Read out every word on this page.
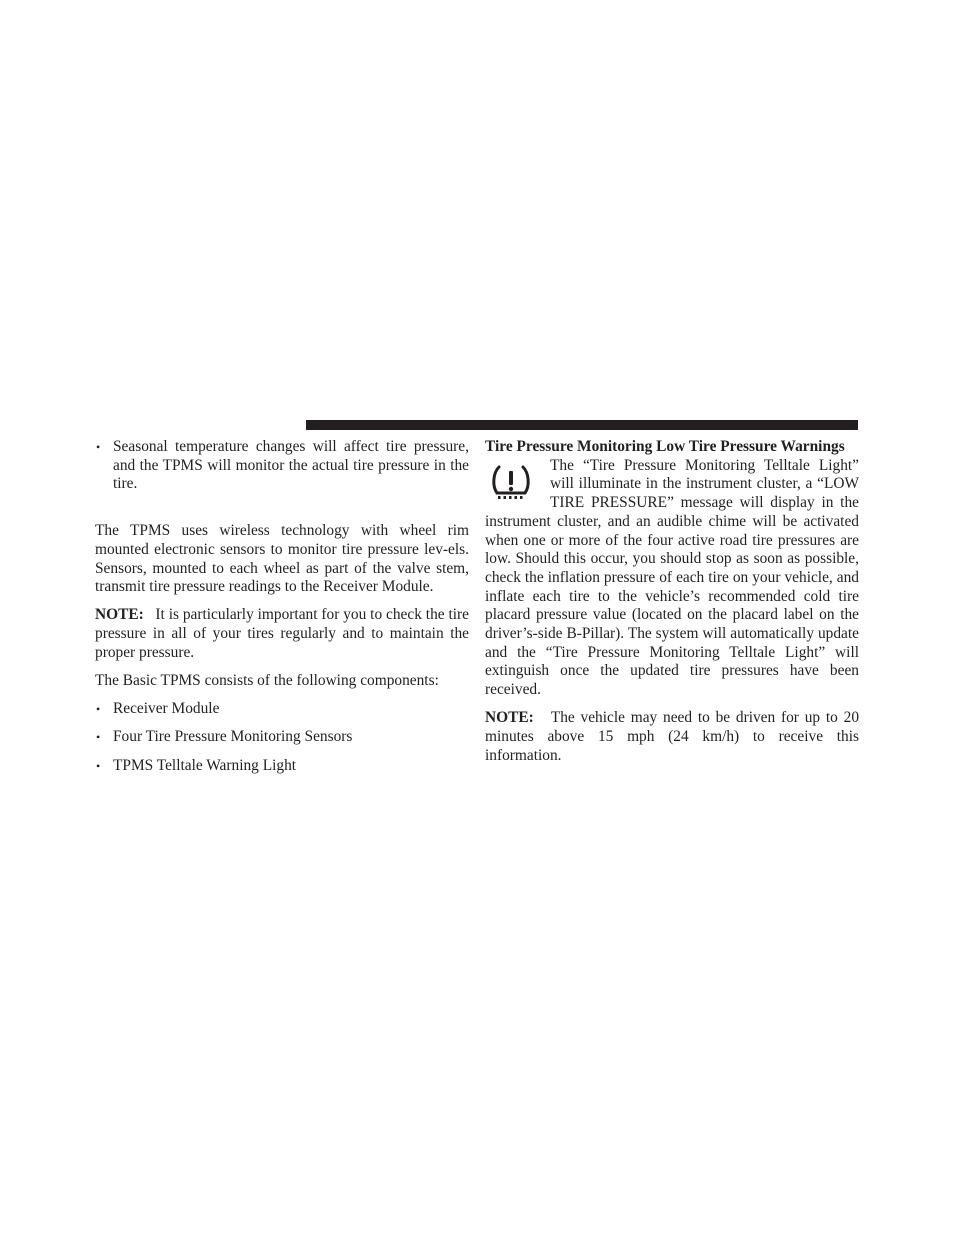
• Seasonal temperature changes will affect tire pressure, and the TPMS will monitor the actual tire pressure in the tire.

The TPMS uses wireless technology with wheel rim mounted electronic sensors to monitor tire pressure lev-els. Sensors, mounted to each wheel as part of the valve stem, transmit tire pressure readings to the Receiver Module.

NOTE: It is particularly important for you to check the tire pressure in all of your tires regularly and to maintain the proper pressure.

The Basic TPMS consists of the following components:

• Receiver Module
• Four Tire Pressure Monitoring Sensors
• TPMS Telltale Warning Light

Tire Pressure Monitoring Low Tire Pressure Warnings

The “Tire Pressure Monitoring Telltale Light” will illuminate in the instrument cluster, a “LOW TIRE PRESSURE” message will display in the instrument cluster, and an audible chime will be activated when one or more of the four active road tire pressures are low. Should this occur, you should stop as soon as possible, check the inflation pressure of each tire on your vehicle, and inflate each tire to the vehicle’s recommended cold tire placard pressure value (located on the placard label on the driver’s-side B-Pillar). The system will automatically update and the “Tire Pressure Monitoring Telltale Light” will extinguish once the updated tire pressures have been received.

NOTE: The vehicle may need to be driven for up to 20 minutes above 15 mph (24 km/h) to receive this information.
